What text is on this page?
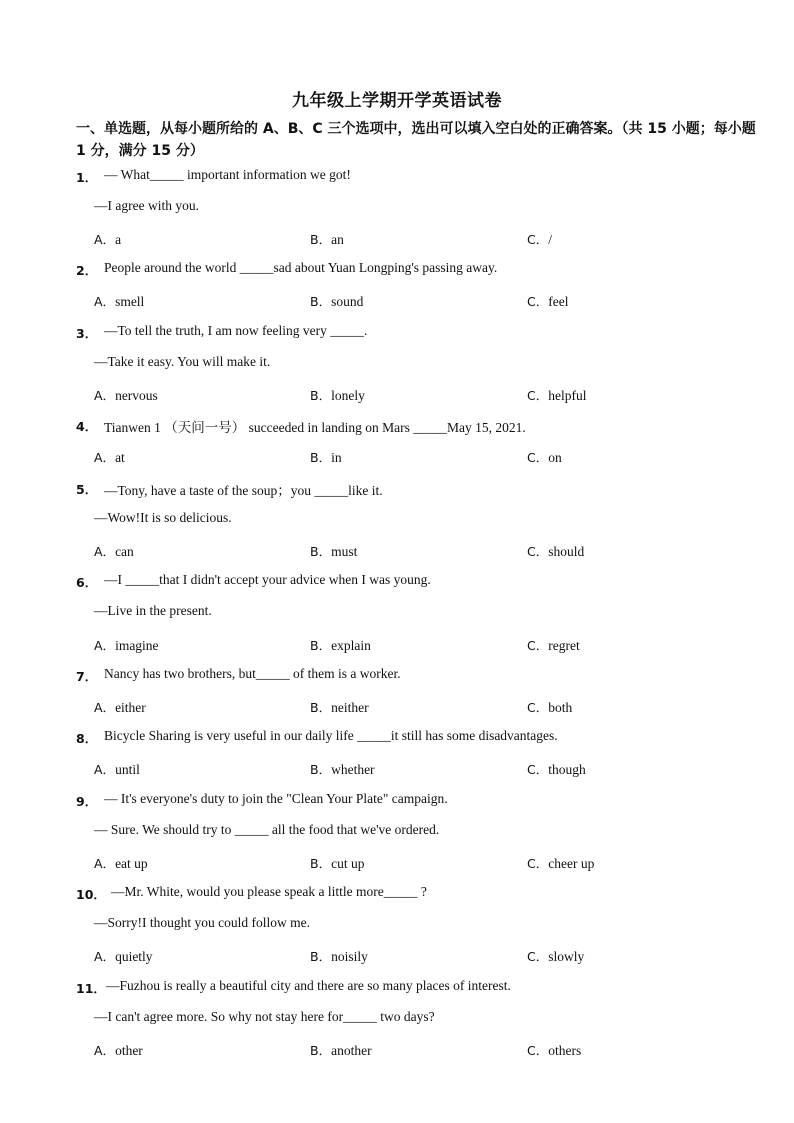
九年级上学期开学英语试卷
一、单选题，从每小题所给的 A、B、C 三个选项中，选出可以填入空白处的正确答案。（共 15 小题；每小题 1 分，满分 15 分）
1． — What_____ important information we got!
—I agree with you.
A．a	B．an	C．/
2． People around the world _____sad about Yuan Longping's passing away.
A．smell	B．sound	C．feel
3． —To tell the truth, I am now feeling very _____.
—Take it easy. You will make it.
A．nervous	B．lonely	C．helpful
4． Tianwen 1 （天问一号） succeeded in landing on Mars _____May 15, 2021.
A．at	B．in	C．on
5． —Tony, have a taste of the soup；you _____like it.
—Wow!It is so delicious.
A．can	B．must	C．should
6． —I _____that I didn't accept your advice when I was young.
—Live in the present.
A．imagine	B．explain	C．regret
7． Nancy has two brothers, but_____ of them is a worker.
A．either	B．neither	C．both
8． Bicycle Sharing is very useful in our daily life _____it still has some disadvantages.
A．until	B．whether	C．though
9． — It's everyone's duty to join the "Clean Your Plate" campaign.
— Sure. We should try to _____ all the food that we've ordered.
A．eat up	B．cut up	C．cheer up
10． —Mr. White, would you please speak a little more_____ ?
—Sorry!I thought you could follow me.
A．quietly	B．noisily	C．slowly
11． —Fuzhou is really a beautiful city and there are so many places of interest.
—I can't agree more. So why not stay here for_____ two days?
A．other	B．another	C．others
